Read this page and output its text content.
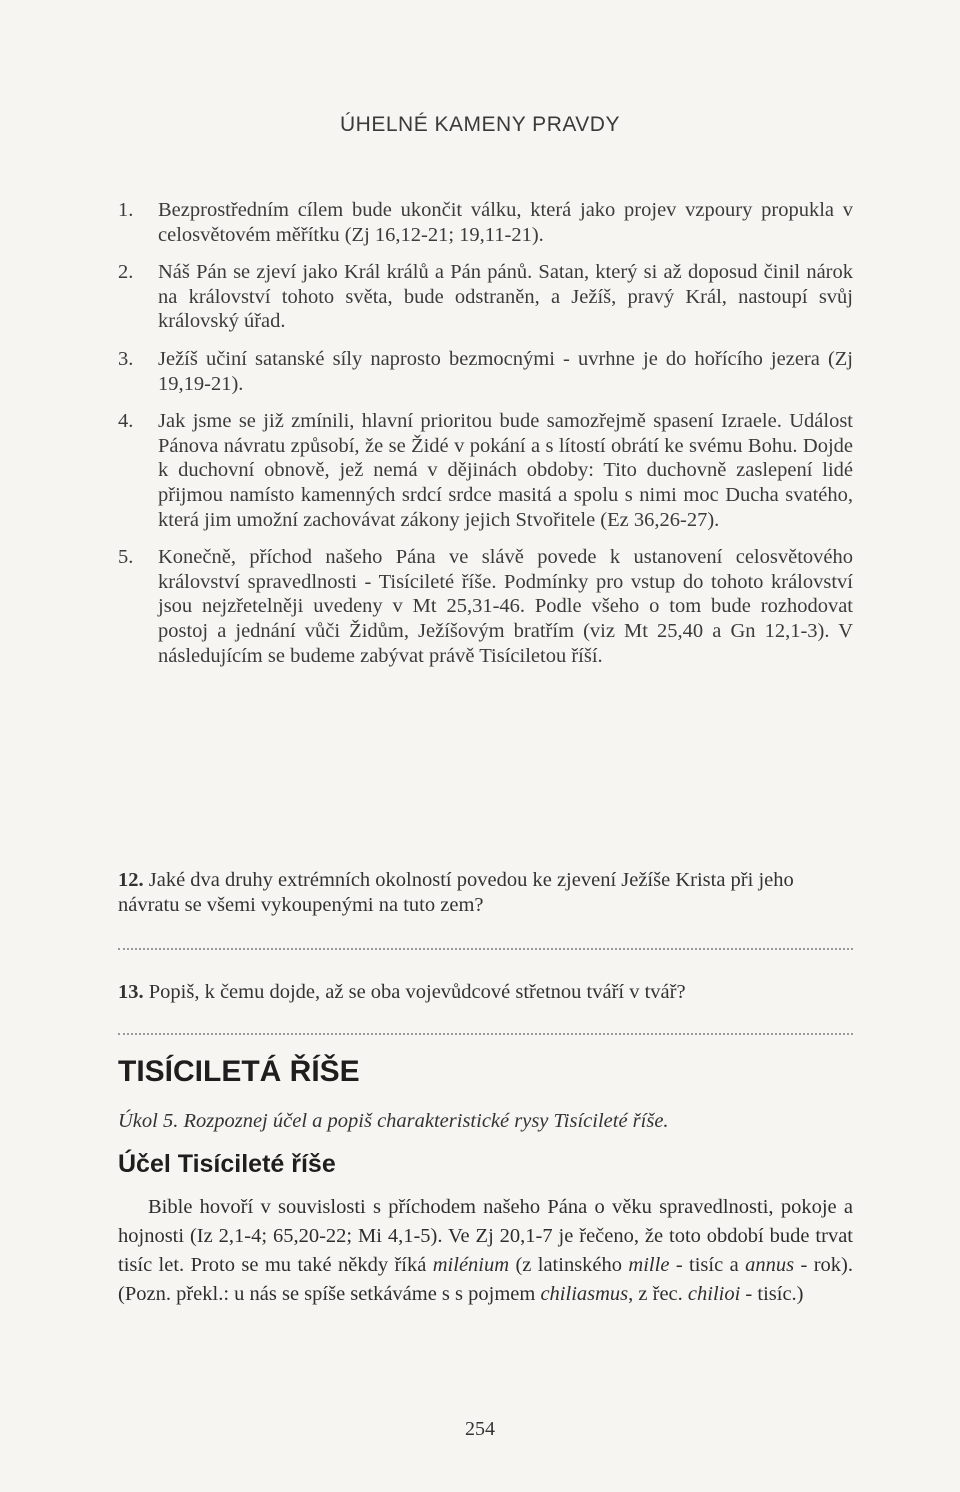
ÚHELNÉ KAMENY PRAVDY
1.	Bezprostředním cílem bude ukončit válku, která jako projev vzpoury propukla v celosvětovém měřítku (Zj 16,12-21; 19,11-21).
2.	Náš Pán se zjeví jako Král králů a Pán pánů. Satan, který si až doposud činil nárok na království tohoto světa, bude odstraněn, a Ježíš, pravý Král, nastoupí svůj královský úřad.
3.	Ježíš učiní satanské síly naprosto bezmocnými - uvrhne je do hořícího jezera (Zj 19,19-21).
4.	Jak jsme se již zmínili, hlavní prioritou bude samozřejmě spasení Izraele. Událost Pánova návratu způsobí, že se Židé v pokání a s lítostí obrátí ke svému Bohu. Dojde k duchovní obnově, jež nemá v dějinách obdoby: Tito duchovně zaslepení lidé přijmou namísto kamenných srdcí srdce masitá a spolu s nimi moc Ducha svatého, která jim umožní zachovávat zákony jejich Stvořitele (Ez 36,26-27).
5.	Konečně, příchod našeho Pána ve slávě povede k ustanovení celosvětového království spravedlnosti - Tisícileté říše. Podmínky pro vstup do tohoto království jsou nejzřetelněji uvedeny v Mt 25,31-46. Podle všeho o tom bude rozhodovat postoj a jednání vůči Židům, Ježíšovým bratřím (viz Mt 25,40 a Gn 12,1-3). V následujícím se budeme zabývat právě Tisíciletou říší.
12. Jaké dva druhy extrémních okolností povedou ke zjevení Ježíše Krista při jeho návratu se všemi vykoupenými na tuto zem?
13. Popiš, k čemu dojde, až se oba vojevůdcové střetnou tváří v tvář?
TISÍCILETÁ ŘÍŠE
Úkol 5. Rozpoznej účel a popiš charakteristické rysy Tisícileté říše.
Účel Tisícileté říše
Bible hovoří v souvislosti s příchodem našeho Pána o věku spravedlnosti, pokoje a hojnosti (Iz 2,1-4; 65,20-22; Mi 4,1-5). Ve Zj 20,1-7 je řečeno, že toto období bude trvat tisíc let. Proto se mu také někdy říká milénium (z latinského mille - tisíc a annus - rok). (Pozn. překl.: u nás se spíše setkáváme s s pojmem chiliasmus, z řec. chilioi - tisíc.)
254
